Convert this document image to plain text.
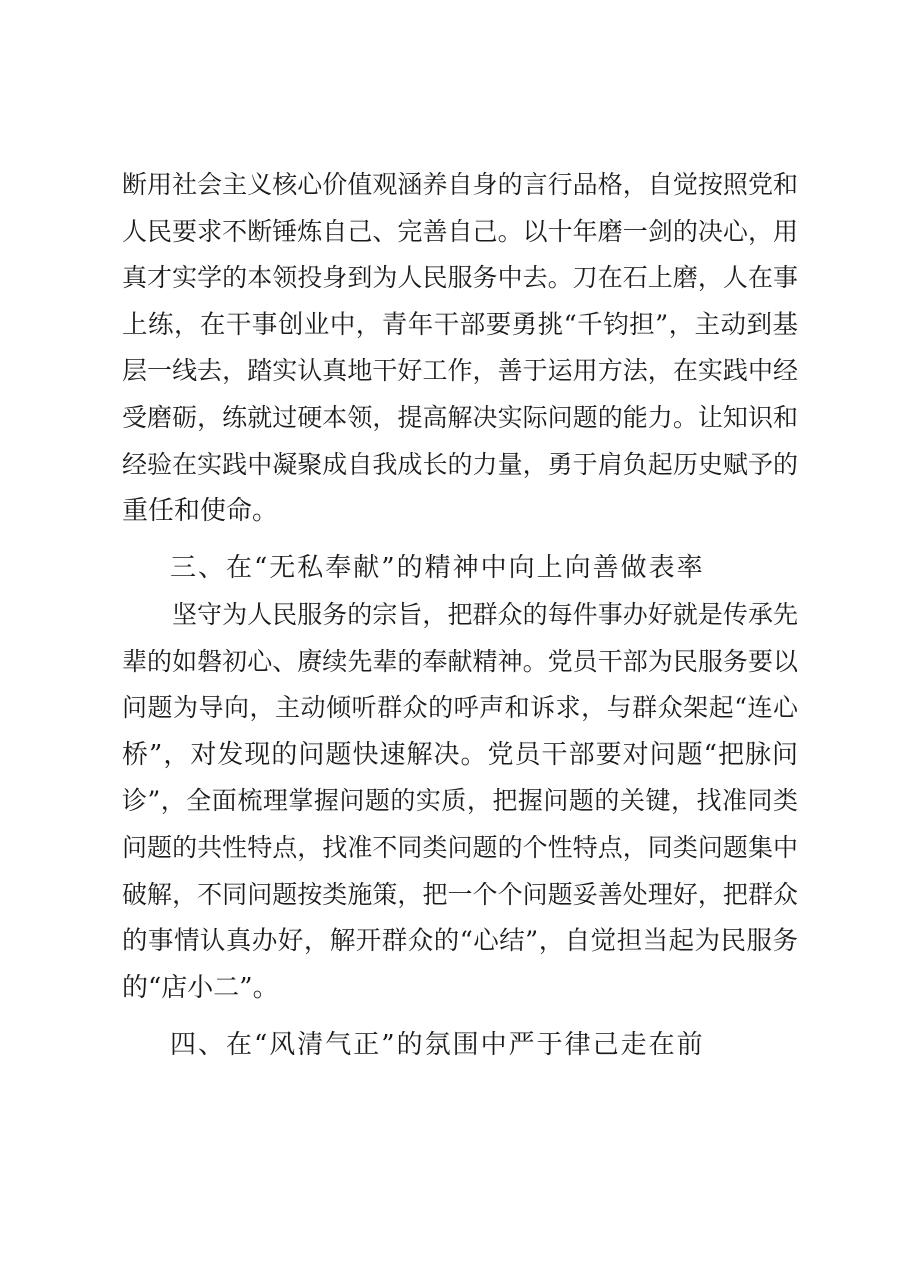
断用社会主义核心价值观涵养自身的言行品格，自觉按照党和
人民要求不断锤炼自己、完善自己。以十年磨一剑的决心，用
真才实学的本领投身到为人民服务中去。刀在石上磨，人在事
上练，在干事创业中，青年干部要勇挑“千钧担”，主动到基
层一线去，踏实认真地干好工作，善于运用方法，在实践中经
受磨砺，练就过硬本领，提高解决实际问题的能力。让知识和
经验在实践中凝聚成自我成长的力量，勇于肩负起历史赋予的
重任和使命。
三、在“无私奉献”的精神中向上向善做表率
坚守为人民服务的宗旨，把群众的每件事办好就是传承先
辈的如磐初心、赓续先辈的奉献精神。党员干部为民服务要以
问题为导向，主动倾听群众的呼声和诉求，与群众架起“连心
桥”，对发现的问题快速解决。党员干部要对问题“把脉问
诊”，全面梳理掌握问题的实质，把握问题的关键，找准同类
问题的共性特点，找准不同类问题的个性特点，同类问题集中
破解，不同问题按类施策，把一个个问题妥善处理好，把群众
的事情认真办好，解开群众的“心结”，自觉担当起为民服务
的“店小二”。
四、在“风清气正”的氛围中严于律己走在前
